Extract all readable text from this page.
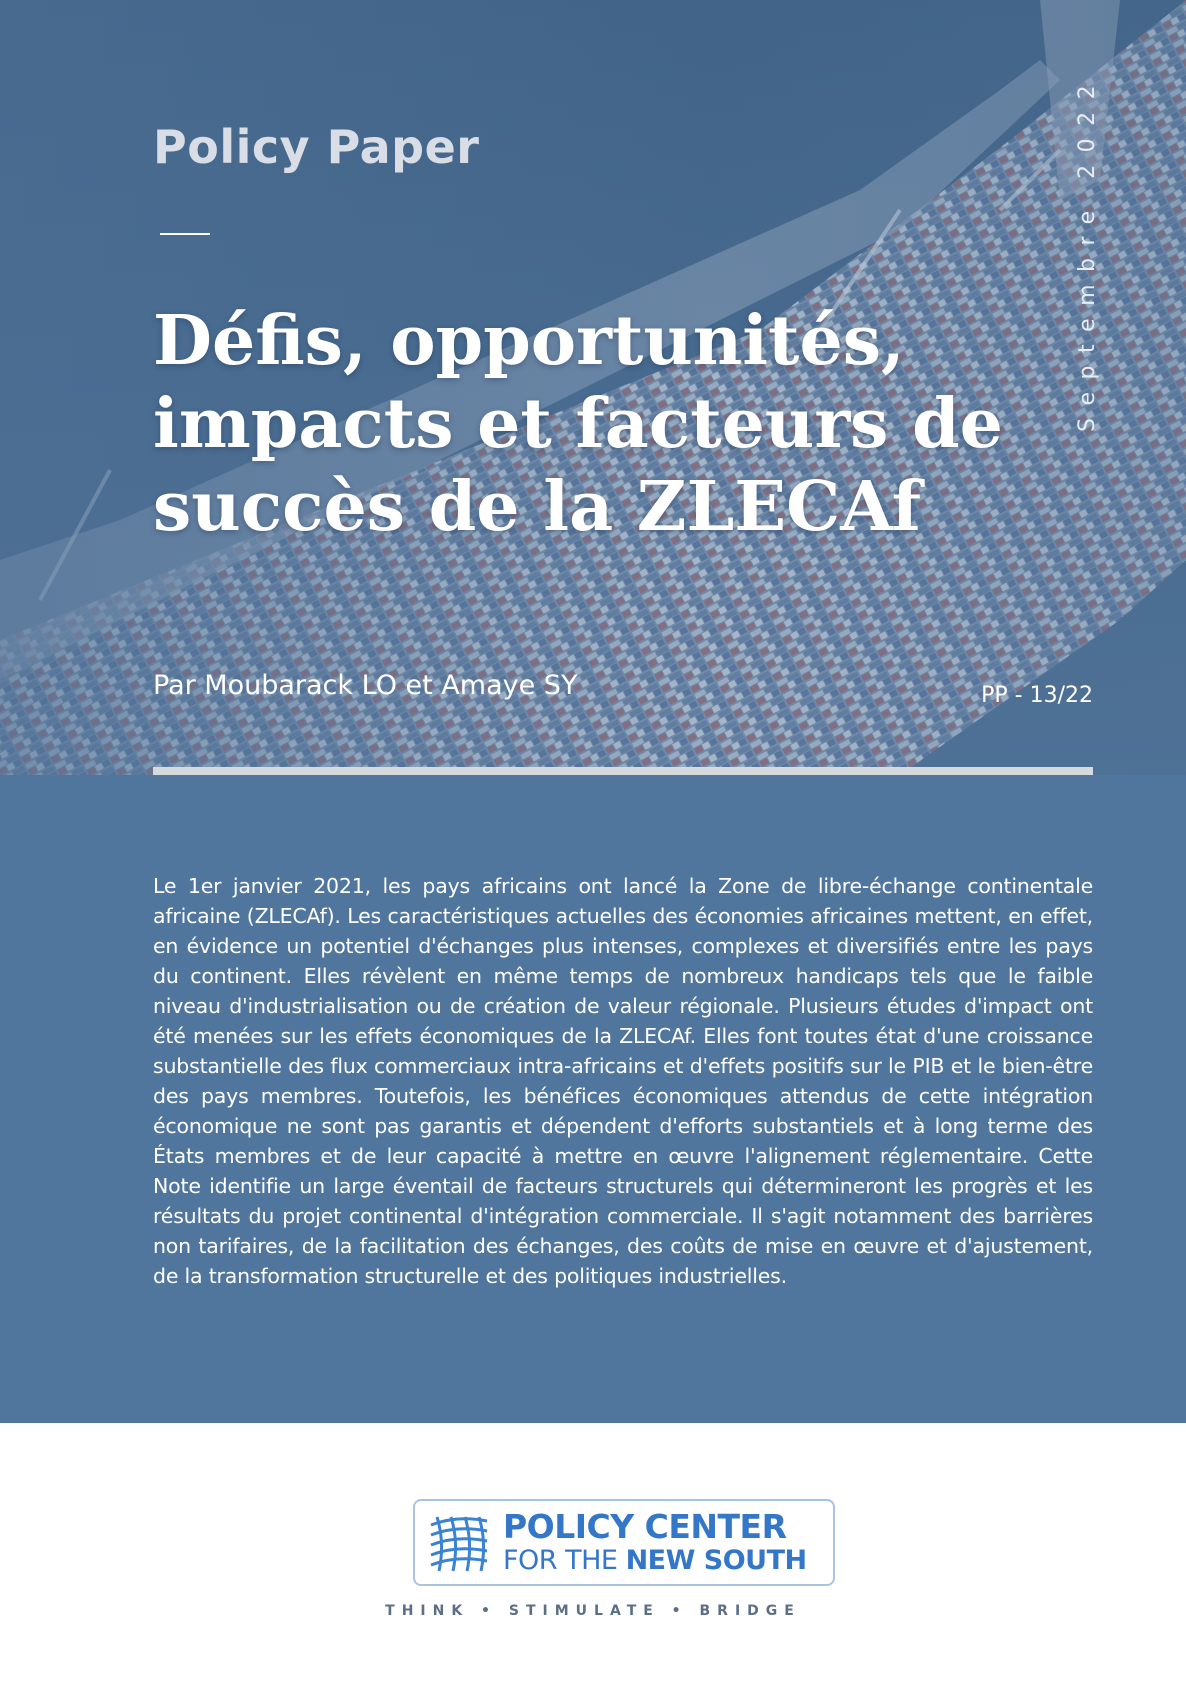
Policy Paper
Défis, opportunités,
impacts et facteurs de
succès de la ZLECAf
Septembre 2022
Par Moubarack LO et Amaye SY	PP - 13/22

Le 1er janvier 2021, les pays africains ont lancé la Zone de libre-échange continentale africaine (ZLECAf). Les caractéristiques actuelles des économies africaines mettent, en effet, en évidence un potentiel d'échanges plus intenses, complexes et diversifiés entre les pays du continent. Elles révèlent en même temps de nombreux handicaps tels que le faible niveau d'industrialisation ou de création de valeur régionale. Plusieurs études d'impact ont été menées sur les effets économiques de la ZLECAf. Elles font toutes état d'une croissance substantielle des flux commerciaux intra-africains et d'effets positifs sur le PIB et le bien-être des pays membres. Toutefois, les bénéfices économiques attendus de cette intégration économique ne sont pas garantis et dépendent d'efforts substantiels et à long terme des États membres et de leur capacité à mettre en œuvre l'alignement réglementaire. Cette Note identifie un large éventail de facteurs structurels qui détermineront les progrès et les résultats du projet continental d'intégration commerciale. Il s'agit notamment des barrières non tarifaires, de la facilitation des échanges, des coûts de mise en œuvre et d'ajustement, de la transformation structurelle et des politiques industrielles.

POLICY CENTER
FOR THE NEW SOUTH
THINK • STIMULATE • BRIDGE
